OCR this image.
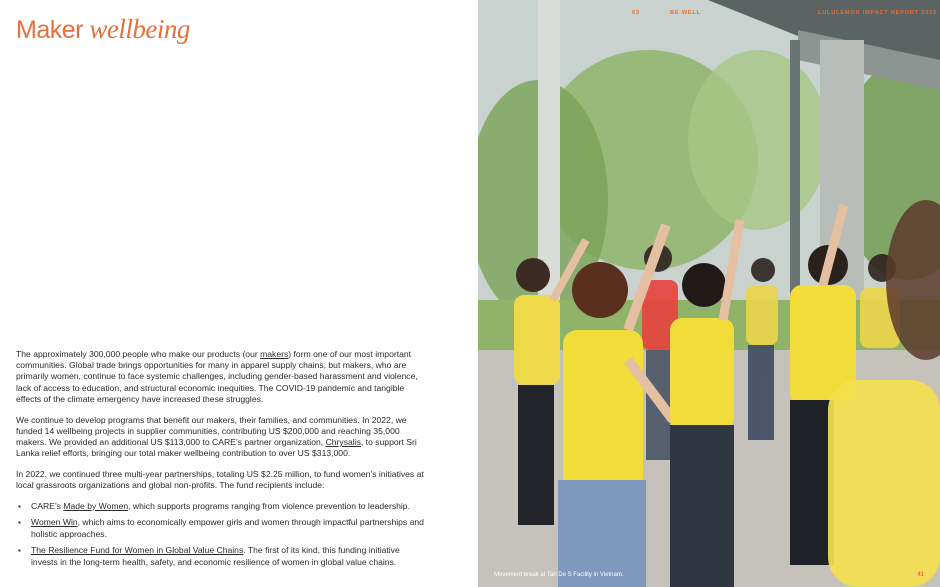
Maker wellbeing

The approximately 300,000 people who make our products (our makers) form one of our most important communities. Global trade brings opportunities for many in apparel supply chains, but makers, who are primarily women, continue to face systemic challenges, including gender-based harassment and violence, lack of access to education, and structural economic inequities. The COVID-19 pandemic and tangible effects of the climate emergency have increased these struggles.

We continue to develop programs that benefit our makers, their families, and communities. In 2022, we funded 14 wellbeing projects in supplier communities, contributing US $200,000 and reaching 35,000 makers. We provided an additional US $113,000 to CARE’s partner organization, Chrysalis, to support Sri Lanka relief efforts, bringing our total maker wellbeing contribution to over US $313,000.

In 2022, we continued three multi-year partnerships, totaling US $2.25 million, to fund women’s initiatives at local grassroots organizations and global non-profits. The fund recipients include:

▪ CARE’s Made by Women, which supports programs ranging from violence prevention to leadership.
▪ Women Win, which aims to economically empower girls and women through impactful partnerships and holistic approaches.
▪ The Resilience Fund for Women in Global Value Chains. The first of its kind, this funding initiative invests in the long-term health, safety, and economic resilience of women in global value chains.
03	BE WELL	LULULEMON IMPACT REPORT 2022
Movement break at Tan De S Facility in Vietnam.	41
